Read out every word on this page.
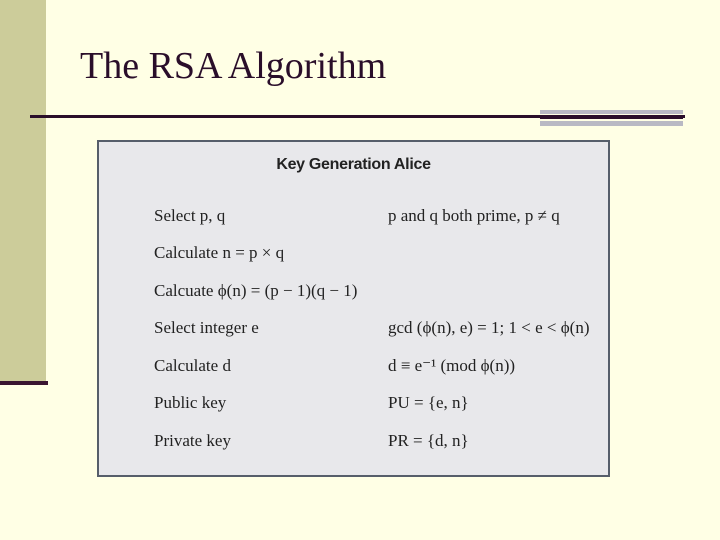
The RSA Algorithm
Key Generation Alice
Select p, q	p and q both prime, p ≠ q
Calculate n = p × q
Calcuate ϕ(n) = (p − 1)(q − 1)
Select integer e	gcd (ϕ(n), e) = 1; 1 < e < ϕ(n)
Calculate d	d ≡ e⁻¹ (mod ϕ(n))
Public key	PU = {e, n}
Private key	PR = {d, n}
